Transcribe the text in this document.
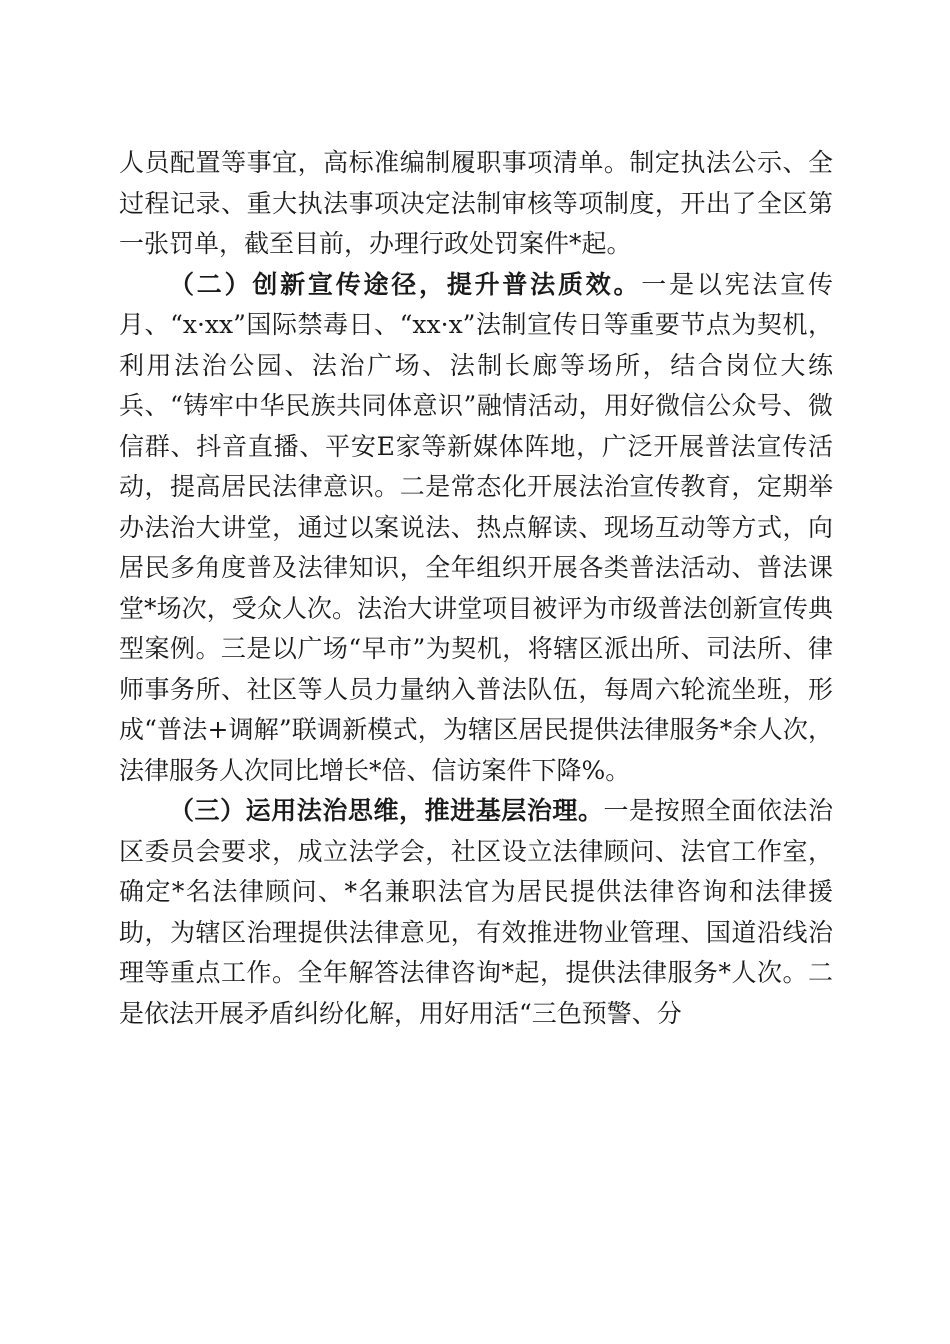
人员配置等事宜，高标准编制履职事项清单。制定执法公示、全过程记录、重大执法事项决定法制审核等项制度，开出了全区第一张罚单，截至目前，办理行政处罚案件*起。

（二）创新宣传途径，提升普法质效。一是以宪法宣传月、“x·xx”国际禁毒日、“xx·x”法制宣传日等重要节点为契机，利用法治公园、法治广场、法制长廊等场所，结合岗位大练兵、“铸牢中华民族共同体意识”融情活动，用好微信公众号、微信群、抖音直播、平安E家等新媒体阵地，广泛开展普法宣传活动，提高居民法律意识。二是常态化开展法治宣传教育，定期举办法治大讲堂，通过以案说法、热点解读、现场互动等方式，向居民多角度普及法律知识，全年组织开展各类普法活动、普法课堂*场次，受众人次。法治大讲堂项目被评为市级普法创新宣传典型案例。三是以广场“早市”为契机，将辖区派出所、司法所、律师事务所、社区等人员力量纳入普法队伍，每周六轮流坐班，形成“普法+调解”联调新模式，为辖区居民提供法律服务*余人次，法律服务人次同比增长*倍、信访案件下降%。

（三）运用法治思维，推进基层治理。一是按照全面依法治区委员会要求，成立法学会，社区设立法律顾问、法官工作室，确定*名法律顾问、*名兼职法官为居民提供法律咨询和法律援助，为辖区治理提供法律意见，有效推进物业管理、国道沿线治理等重点工作。全年解答法律咨询*起，提供法律服务*人次。二是依法开展矛盾纠纷化解，用好用活“三色预警、分
